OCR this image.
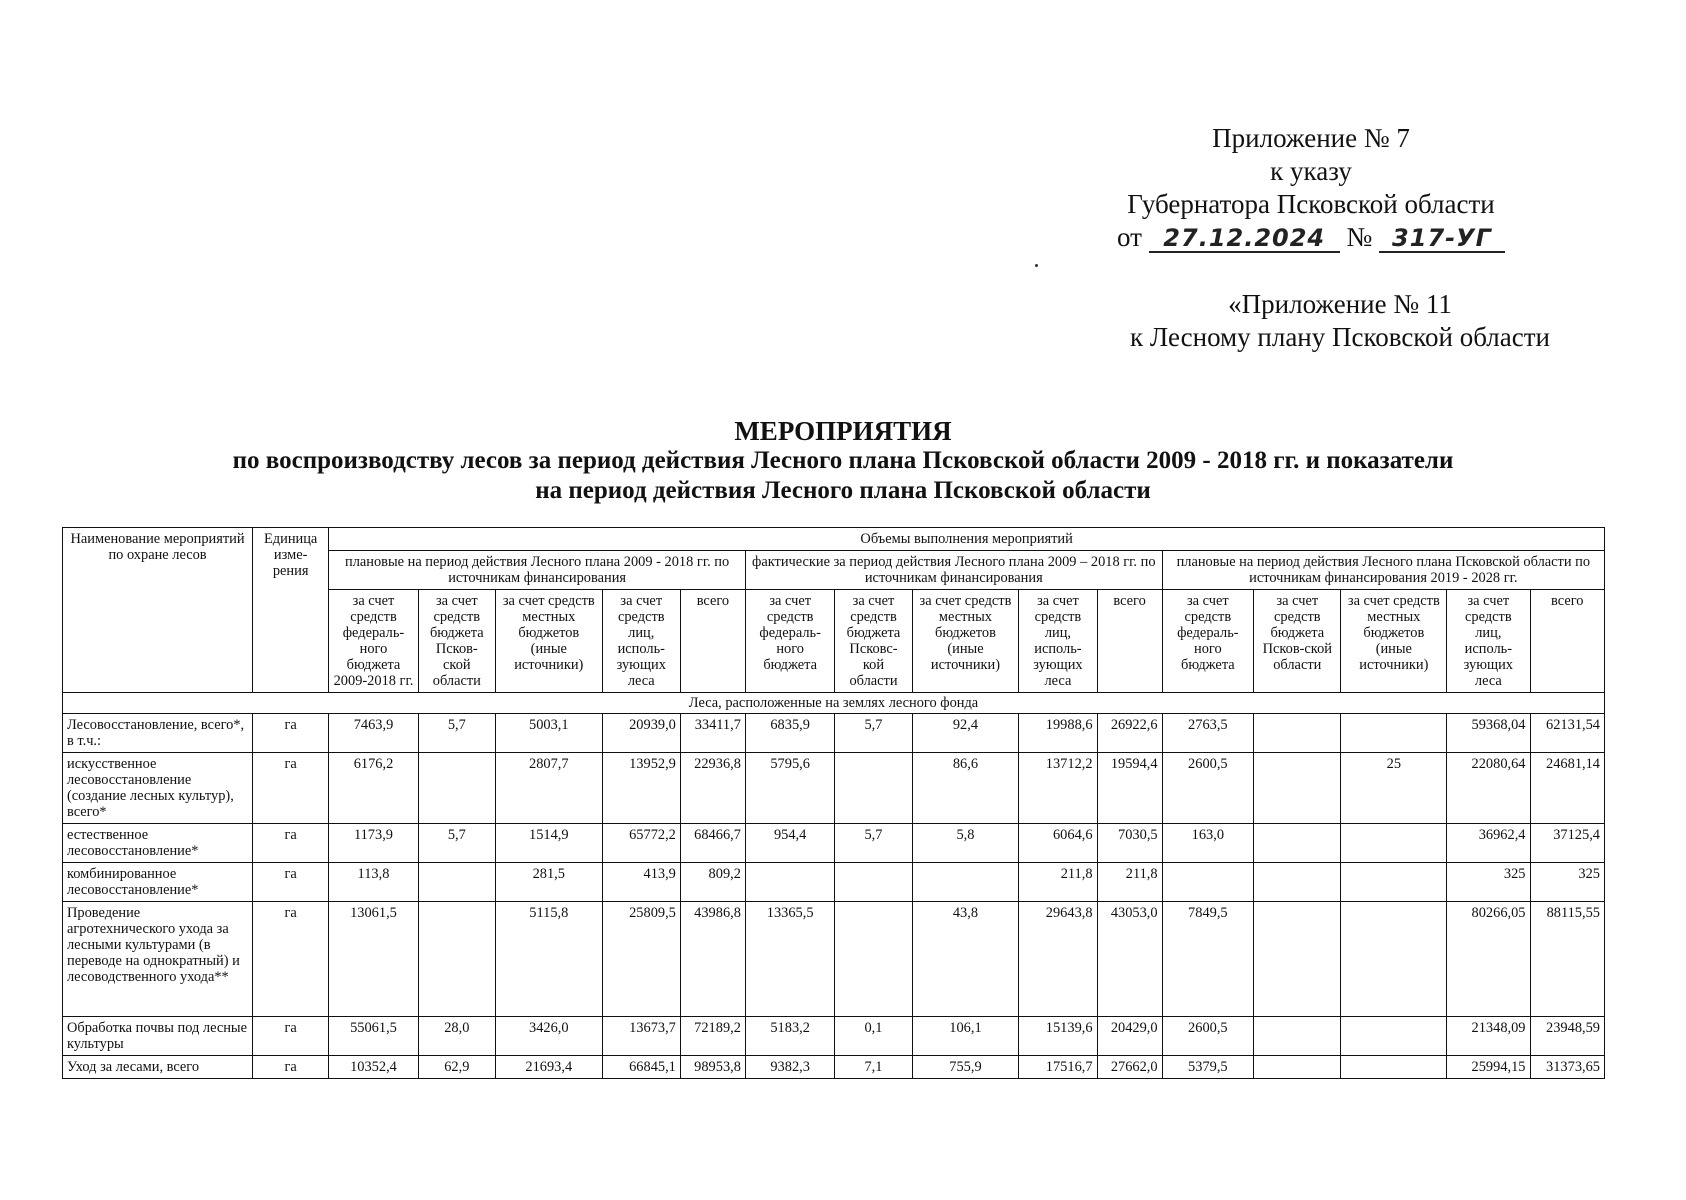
Приложение № 7
к указу
Губернатора Псковской области
от 27.12.2024 № 317-УГ
«Приложение № 11
к Лесному плану Псковской области
МЕРОПРИЯТИЯ
по воспроизводству лесов за период действия Лесного плана Псковской области 2009 - 2018 гг. и показатели
на период действия Лесного плана Псковской области
Наименование мероприятий по охране лесов	Единица изме-рения	Объемы выполнения мероприятий														
		плановые на период действия Лесного плана 2009 - 2018 гг. по источникам финансирования					фактические за период действия Лесного плана 2009 – 2018 гг. по источникам финансирования					плановые на период действия Лесного плана Псковской области по источникам финансирования 2019 - 2028 гг.				
		за счет средств федераль-ного бюджета 2009-2018 гг.	за счет средств бюджета Псков-ской области	за счет средств местных бюджетов (иные источники)	за счет средств лиц, исполь-зующих леса	всего	за счет средств федераль-ного бюджета	за счет средств бюджета Псковс-кой области	за счет средств местных бюджетов (иные источники)	за счет средств лиц, исполь-зующих леса	всего	за счет средств федераль-ного бюджета	за счет средств бюджета Псков-ской области	за счет средств местных бюджетов (иные источники)	за счет средств лиц, исполь-зующих леса	всего
Леса, расположенные на землях лесного фонда																
Лесовосстановление, всего*, в т.ч.:	га	7463,9	5,7	5003,1	20939,0	33411,7	6835,9	5,7	92,4	19988,6	26922,6	2763,5			59368,04	62131,54
искусственное лесовосстановление (создание лесных культур), всего*	га	6176,2		2807,7	13952,9	22936,8	5795,6		86,6	13712,2	19594,4	2600,5		25	22080,64	24681,14
естественное лесовосстановление*	га	1173,9	5,7	1514,9	65772,2	68466,7	954,4	5,7	5,8	6064,6	7030,5	163,0			36962,4	37125,4
комбинированное лесовосстановление*	га	113,8		281,5	413,9	809,2				211,8	211,8				325	325
Проведение агротехнического ухода за лесными культурами (в переводе на однократный) и лесоводственного ухода**	га	13061,5		5115,8	25809,5	43986,8	13365,5		43,8	29643,8	43053,0	7849,5			80266,05	88115,55
Обработка почвы под лесные культуры	га	55061,5	28,0	3426,0	13673,7	72189,2	5183,2	0,1	106,1	15139,6	20429,0	2600,5			21348,09	23948,59
Уход за лесами, всего	га	10352,4	62,9	21693,4	66845,1	98953,8	9382,3	7,1	755,9	17516,7	27662,0	5379,5			25994,15	31373,65
